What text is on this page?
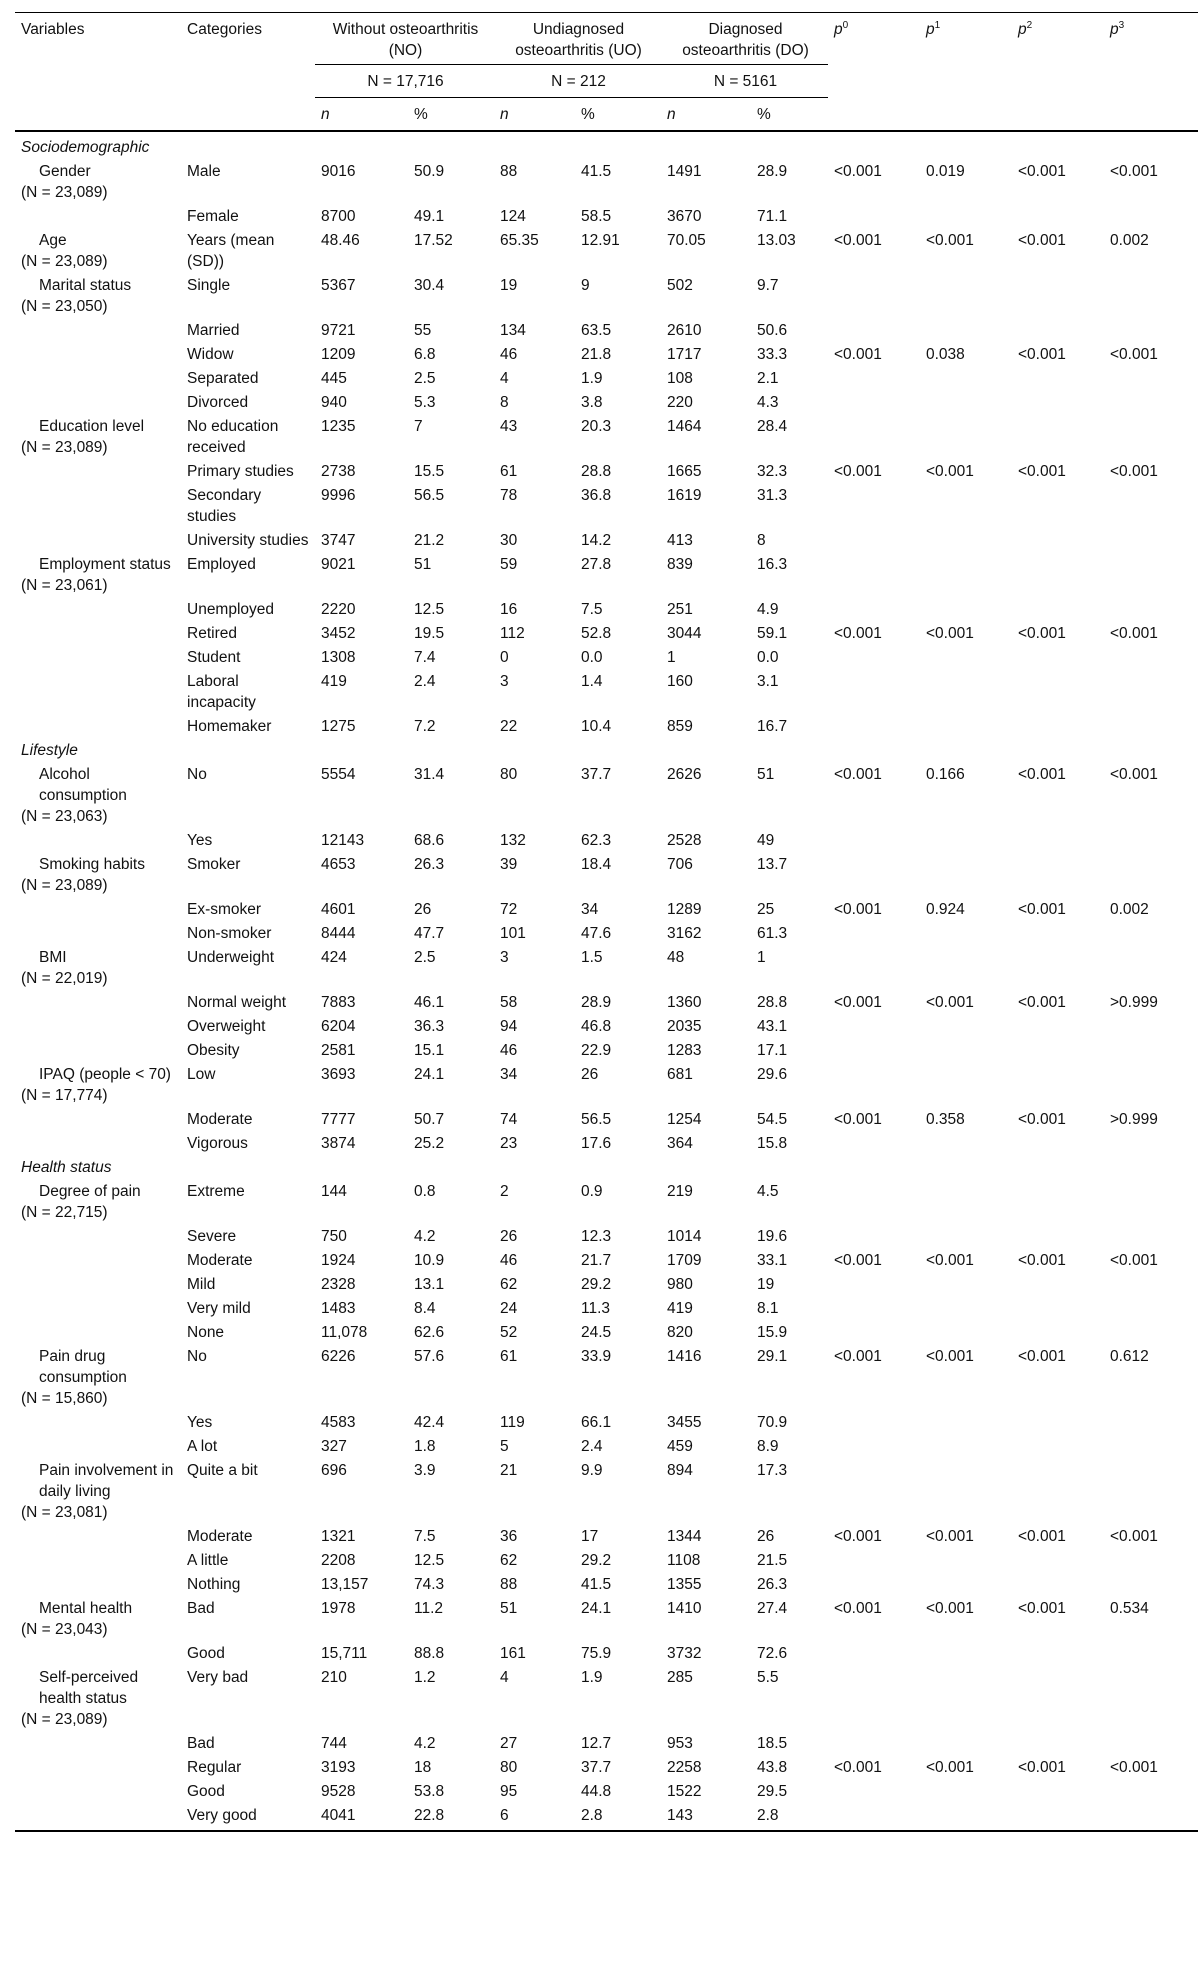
Variables	Categories	Without osteoarthritis (NO)		Undiagnosed osteoarthritis (UO)		Diagnosed osteoarthritis (DO)		$p^0$	$p^1$	$p^2$	$p^3$
		N = 17,716		N = 212		N = 5161					
		n	%	n	%	n	%				
Sociodemographic											

Gender
(N = 23,089)	Male	9016	50.9	88	41.5	1491	28.9	<0.001	0.019	<0.001	<0.001
	Female	8700	49.1	124	58.5	3670	71.1				

Age
(N = 23,089)	Years (mean (SD))	48.46	17.52	65.35	12.91	70.05	13.03	<0.001	<0.001	<0.001	0.002

Marital status
(N = 23,050)	Single	5367	30.4	19	9	502	9.7				
	Married	9721	55	134	63.5	2610	50.6				
	Widow	1209	6.8	46	21.8	1717	33.3	<0.001	0.038	<0.001	<0.001
	Separated	445	2.5	4	1.9	108	2.1				
	Divorced	940	5.3	8	3.8	220	4.3				

Education level
(N = 23,089)	No education received	1235	7	43	20.3	1464	28.4				
	Primary studies	2738	15.5	61	28.8	1665	32.3	<0.001	<0.001	<0.001	<0.001
	Secondary studies	9996	56.5	78	36.8	1619	31.3				
	University studies	3747	21.2	30	14.2	413	8				

Employment status
(N = 23,061)	Employed	9021	51	59	27.8	839	16.3				
	Unemployed	2220	12.5	16	7.5	251	4.9				
	Retired	3452	19.5	112	52.8	3044	59.1	<0.001	<0.001	<0.001	<0.001
	Student	1308	7.4	0	0.0	1	0.0				
	Laboral incapacity	419	2.4	3	1.4	160	3.1				
	Homemaker	1275	7.2	22	10.4	859	16.7				
Lifestyle											

Alcohol consumption
(N = 23,063)	No	5554	31.4	80	37.7	2626	51	<0.001	0.166	<0.001	<0.001
	Yes	12143	68.6	132	62.3	2528	49				

Smoking habits
(N = 23,089)	Smoker	4653	26.3	39	18.4	706	13.7				
	Ex-smoker	4601	26	72	34	1289	25	<0.001	0.924	<0.001	0.002
	Non-smoker	8444	47.7	101	47.6	3162	61.3				

BMI
(N = 22,019)	Underweight	424	2.5	3	1.5	48	1				
	Normal weight	7883	46.1	58	28.9	1360	28.8	<0.001	<0.001	<0.001	>0.999
	Overweight	6204	36.3	94	46.8	2035	43.1				
	Obesity	2581	15.1	46	22.9	1283	17.1				

IPAQ (people < 70)
(N = 17,774)	Low	3693	24.1	34	26	681	29.6				
	Moderate	7777	50.7	74	56.5	1254	54.5	<0.001	0.358	<0.001	>0.999
	Vigorous	3874	25.2	23	17.6	364	15.8				
Health status											

Degree of pain
(N = 22,715)	Extreme	144	0.8	2	0.9	219	4.5				
	Severe	750	4.2	26	12.3	1014	19.6				
	Moderate	1924	10.9	46	21.7	1709	33.1	<0.001	<0.001	<0.001	<0.001
	Mild	2328	13.1	62	29.2	980	19				
	Very mild	1483	8.4	24	11.3	419	8.1				
	None	11,078	62.6	52	24.5	820	15.9				

Pain drug consumption
(N = 15,860)	No	6226	57.6	61	33.9	1416	29.1	<0.001	<0.001	<0.001	0.612
	Yes	4583	42.4	119	66.1	3455	70.9				
	A lot	327	1.8	5	2.4	459	8.9				

Pain involvement in daily living
(N = 23,081)	Quite a bit	696	3.9	21	9.9	894	17.3				
	Moderate	1321	7.5	36	17	1344	26	<0.001	<0.001	<0.001	<0.001
	A little	2208	12.5	62	29.2	1108	21.5				
	Nothing	13,157	74.3	88	41.5	1355	26.3				

Mental health
(N = 23,043)	Bad	1978	11.2	51	24.1	1410	27.4	<0.001	<0.001	<0.001	0.534
	Good	15,711	88.8	161	75.9	3732	72.6				

Self-perceived health status
(N = 23,089)	Very bad	210	1.2	4	1.9	285	5.5				
	Bad	744	4.2	27	12.7	953	18.5				
	Regular	3193	18	80	37.7	2258	43.8	<0.001	<0.001	<0.001	<0.001
	Good	9528	53.8	95	44.8	1522	29.5				
	Very good	4041	22.8	6	2.8	143	2.8				
